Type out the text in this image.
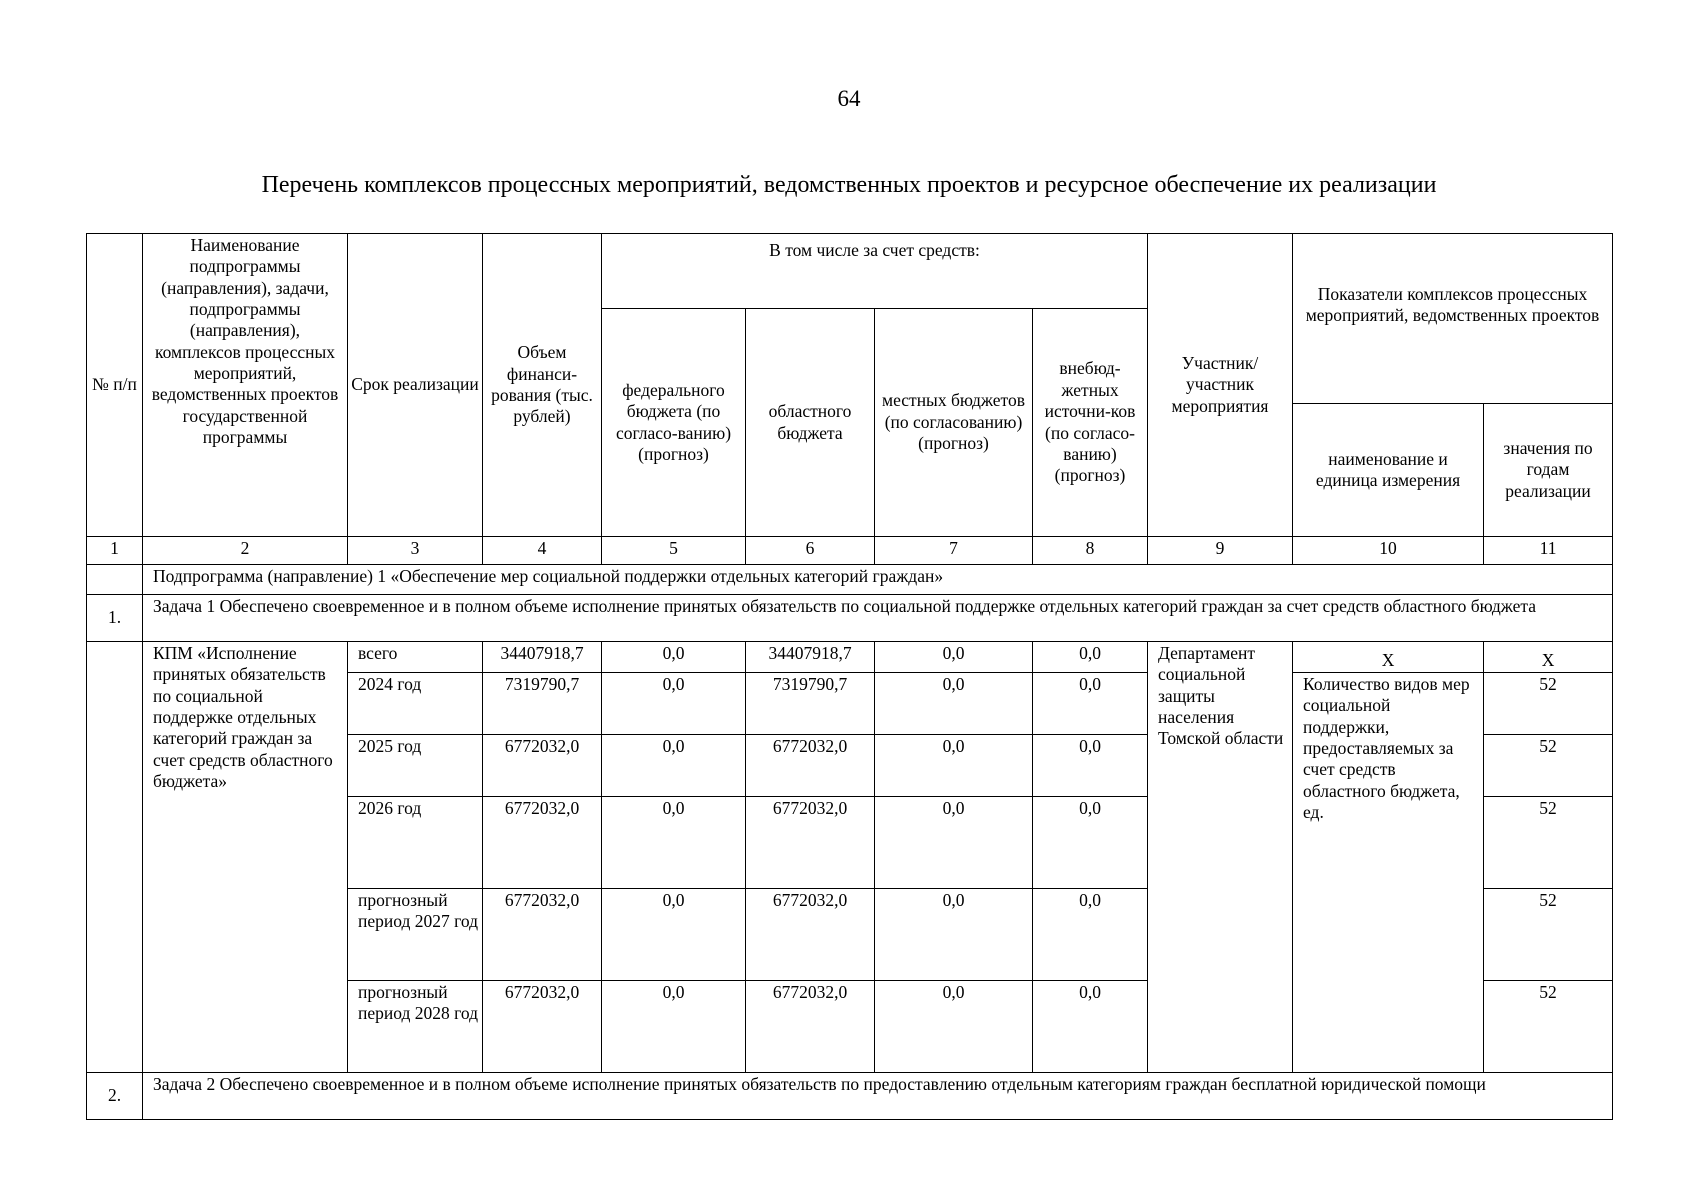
64
Перечень комплексов процессных мероприятий, ведомственных проектов и ресурсное обеспечение их реализации
№ п/п	Наименование подпрограммы (направления), задачи, подпрограммы (направления), комплексов процессных мероприятий, ведомственных проектов государственной программы	Срок реализации	Объем финанси-рования (тыс. рублей)	В том числе за счет средств:				Участник/ участник мероприятия	Показатели комплексов процессных мероприятий, ведомственных проектов	
				федерального бюджета (по согласо-ванию) (прогноз)	областного бюджета	местных бюджетов (по согласованию) (прогноз)	внебюд-жетных источни-ков (по согласо-ванию) (прогноз)			
									наименование и единица измерения	значения по годам реализации
1	2	3	4	5	6	7	8	9	10	11
	Подпрограмма (направление) 1 «Обеспечение мер социальной поддержки отдельных категорий граждан»									
1.	Задача 1 Обеспечено своевременное и в полном объеме исполнение принятых обязательств по социальной поддержке отдельных категорий граждан за счет средств областного бюджета									
	КПМ «Исполнение принятых обязательств по социальной поддержке отдельных категорий граждан за счет средств областного бюджета»	всего	34407918,7	0,0	34407918,7	0,0	0,0	Департамент социальной защиты населения Томской области	Х	Х
		2024 год	7319790,7	0,0	7319790,7	0,0	0,0		Количество видов мер социальной поддержки, предоставляемых за счет средств областного бюджета, ед.	52
		2025 год	6772032,0	0,0	6772032,0	0,0	0,0			52
		2026 год	6772032,0	0,0	6772032,0	0,0	0,0			52
		прогнозный период 2027 год	6772032,0	0,0	6772032,0	0,0	0,0			52
		прогнозный период 2028 год	6772032,0	0,0	6772032,0	0,0	0,0			52
2.	Задача 2 Обеспечено своевременное и в полном объеме исполнение принятых обязательств по предоставлению отдельным категориям граждан бесплатной юридической помощи									
